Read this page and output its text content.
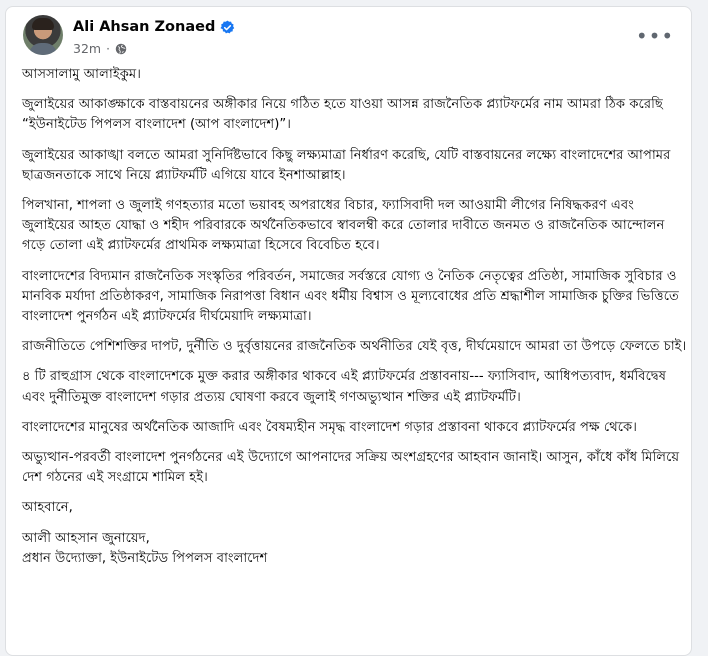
Ali Ahsan Zonaed
32m ·
•••

আসসালামু আলাইকুম।

জুলাইয়ের আকাঙ্ক্ষাকে বাস্তবায়নের অঙ্গীকার নিয়ে গঠিত হতে যাওয়া আসন্ন রাজনৈতিক প্ল্যাটফর্মের নাম আমরা ঠিক করেছি “ইউনাইটেড পিপলস বাংলাদেশ (আপ বাংলাদেশ)”।

জুলাইয়ের আকাঙ্খা বলতে আমরা সুনির্দিষ্টভাবে কিছু লক্ষ্যমাত্রা নির্ধারণ করেছি, যেটি বাস্তবায়নের লক্ষ্যে বাংলাদেশের আপামর ছাত্রজনতাকে সাথে নিয়ে প্ল্যাটফর্মটি এগিয়ে যাবে ইনশাআল্লাহ।

পিলখানা, শাপলা ও জুলাই গণহত্যার মতো ভয়াবহ অপরাধের বিচার, ফ্যাসিবাদী দল আওয়ামী লীগের নিষিদ্ধকরণ এবং জুলাইয়ের আহত যোদ্ধা ও শহীদ পরিবারকে অর্থনৈতিকভাবে স্বাবলম্বী করে তোলার দাবীতে জনমত ও রাজনৈতিক আন্দোলন গড়ে তোলা এই প্ল্যাটফর্মের প্রাথমিক লক্ষ্যমাত্রা হিসেবে বিবেচিত হবে।

বাংলাদেশের বিদ্যমান রাজনৈতিক সংস্কৃতির পরিবর্তন, সমাজের সর্বস্তরে যোগ্য ও নৈতিক নেতৃত্বের প্রতিষ্ঠা, সামাজিক সুবিচার ও মানবিক মর্যাদা প্রতিষ্ঠাকরণ, সামাজিক নিরাপত্তা বিধান এবং ধর্মীয় বিশ্বাস ও মূল্যবোধের প্রতি শ্রদ্ধাশীল সামাজিক চুক্তির ভিত্তিতে বাংলাদেশ পুনর্গঠন এই প্ল্যাটফর্মের দীর্ঘমেয়াদি লক্ষ্যমাত্রা।

রাজনীতিতে পেশিশক্তির দাপট, দুর্নীতি ও দুর্বৃত্তায়নের রাজনৈতিক অর্থনীতির যেই বৃত্ত, দীর্ঘমেয়াদে আমরা তা উপড়ে ফেলতে চাই।

৪ টি রাহুগ্রাস থেকে বাংলাদেশকে মুক্ত করার অঙ্গীকার থাকবে এই প্ল্যাটফর্মের প্রস্তাবনায়--- ফ্যাসিবাদ, আধিপত্যবাদ, ধর্মবিদ্বেষ এবং দুর্নীতিমুক্ত বাংলাদেশ গড়ার প্রত্যয় ঘোষণা করবে জুলাই গণঅভ্যুত্থান শক্তির এই প্ল্যাটফর্মটি।

বাংলাদেশের মানুষের অর্থনৈতিক আজাদি এবং বৈষম্যহীন সমৃদ্ধ বাংলাদেশ গড়ার প্রস্তাবনা থাকবে প্ল্যাটফর্মের পক্ষ থেকে।

অভ্যুত্থান-পরবর্তী বাংলাদেশ পুনর্গঠনের এই উদ্যোগে আপনাদের সক্রিয় অংশগ্রহণের আহবান জানাই। আসুন, কাঁধে কাঁধ মিলিয়ে দেশ গঠনের এই সংগ্রামে শামিল হই।

আহবানে,

আলী আহসান জুনায়েদ,
প্রধান উদ্যোক্তা, ইউনাইটেড পিপলস বাংলাদেশ
